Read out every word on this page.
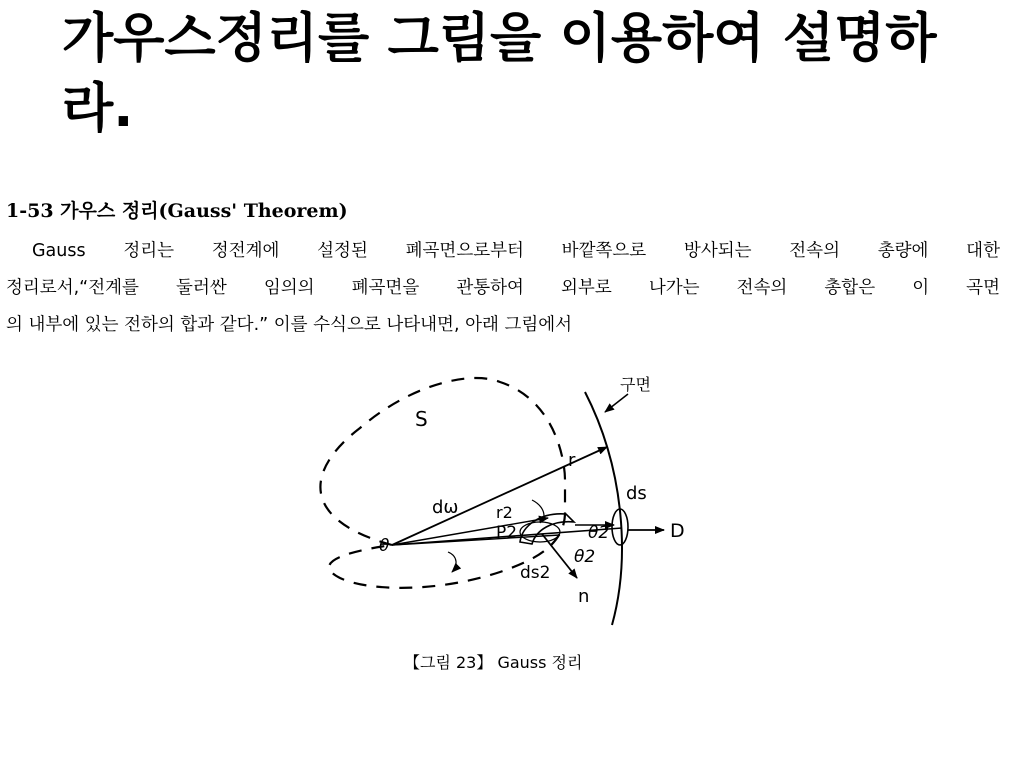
가우스정리를 그림을 이용하여 설명하라.
1-53 가우스 정리(Gauss' Theorem)
Gauss 정리는 정전계에 설정된 폐곡면으로부터 바깥쪽으로 방사되는 전속의 총량에 대한
정리로서,“전계를 둘러싼 임의의 폐곡면을 관통하여 외부로 나가는 전속의 총합은 이 곡면
의 내부에 있는 전하의 합과 같다.” 이를 수식으로 나타내면, 아래 그림에서
구면
S
r
ds
dω r2
P2	θ2
θ2
D
θ
ds2
n
【그림 23】 Gauss 정리
